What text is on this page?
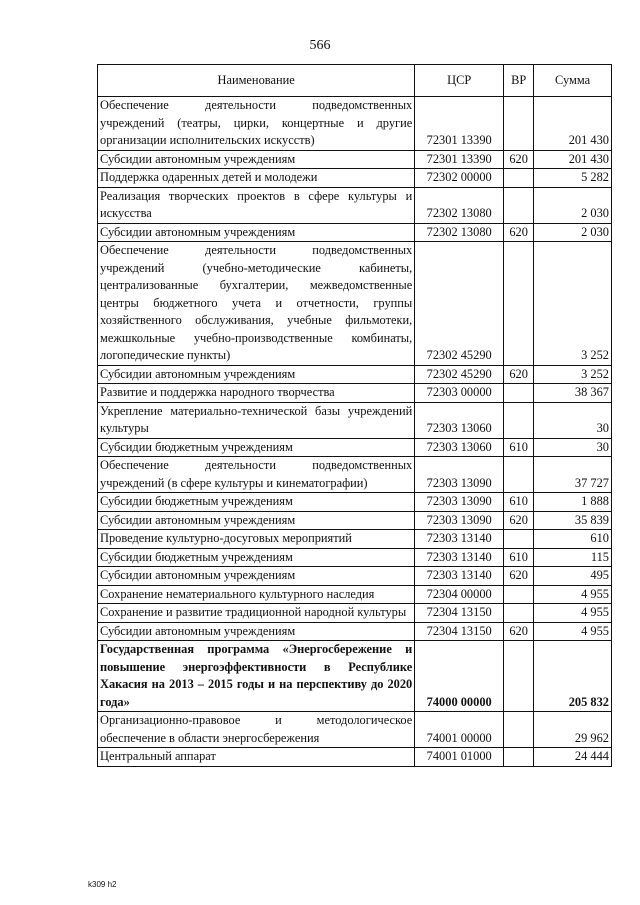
566
Наименование	ЦСР	ВР	Сумма
Обеспечение деятельности подведомственных учреждений (театры, цирки, концертные и другие организации исполнительских искусств)	72301 13390		201 430
Субсидии автономным учреждениям	72301 13390	620	201 430
Поддержка одаренных детей и молодежи	72302 00000		5 282
Реализация творческих проектов в сфере культуры и искусства	72302 13080		2 030
Субсидии автономным учреждениям	72302 13080	620	2 030
Обеспечение деятельности подведомственных учреждений (учебно-методические кабинеты, централизованные бухгалтерии, межведомственные центры бюджетного учета и отчетности, группы хозяйственного обслуживания, учебные фильмотеки, межшкольные учебно-производственные комбинаты, логопедические пункты)	72302 45290		3 252
Субсидии автономным учреждениям	72302 45290	620	3 252
Развитие и поддержка народного творчества	72303 00000		38 367
Укрепление материально-технической базы учреждений культуры	72303 13060		30
Субсидии бюджетным учреждениям	72303 13060	610	30
Обеспечение деятельности подведомственных учреждений (в сфере культуры и кинематографии)	72303 13090		37 727
Субсидии бюджетным учреждениям	72303 13090	610	1 888
Субсидии автономным учреждениям	72303 13090	620	35 839
Проведение культурно-досуговых мероприятий	72303 13140		610
Субсидии бюджетным учреждениям	72303 13140	610	115
Субсидии автономным учреждениям	72303 13140	620	495
Сохранение нематериального культурного наследия	72304 00000		4 955
Сохранение и развитие традиционной народной культуры	72304 13150		4 955
Субсидии автономным учреждениям	72304 13150	620	4 955
Государственная программа «Энергосбережение и повышение энергоэффективности в Республике Хакасия на 2013 – 2015 годы и на перспективу до 2020 года»	74000 00000		205 832
Организационно-правовое и методологическое обеспечение в области энергосбережения	74001 00000		29 962
Центральный аппарат	74001 01000		24 444
k309 h2
